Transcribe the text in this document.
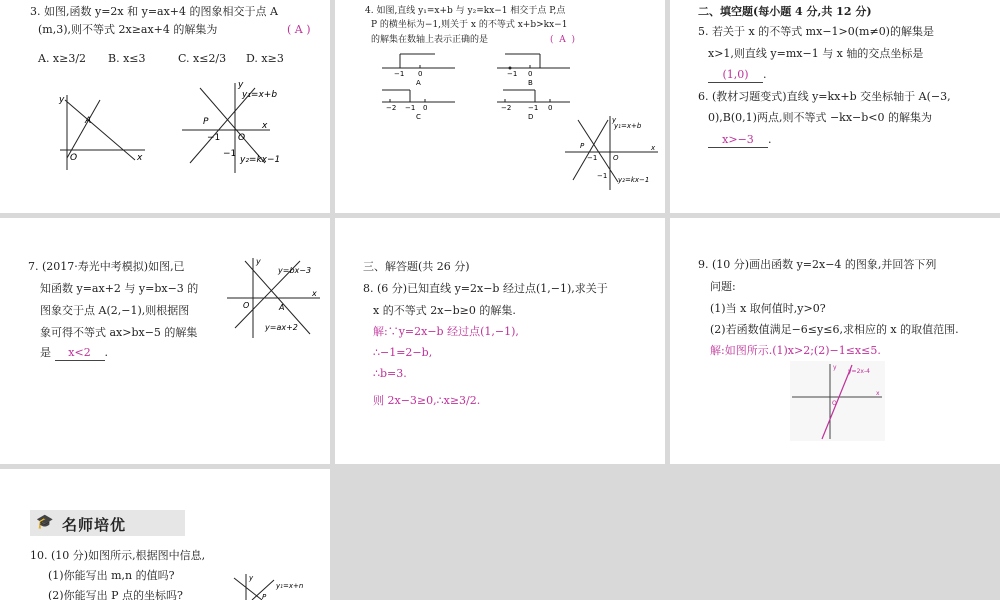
3. 如图,函数 y=2x 和 y=ax+4 的图象相交于点 A
(m,3),则不等式 2x≥ax+4 的解集为	( A )
A. x≥3/2 B. x≤3	C. x≤2/3 D. x≥3
y
x
O
A
y
x
O
P
−1
−1
y₁=x+b
y₂=kx−1
4. 如图,直线 y₁=x+b 与 y₂=kx−1 相交于点 P,点
P 的横坐标为−1,则关于 x 的不等式 x+b>kx−1
的解集在数轴上表示正确的是	(  A  )
−1 0
A
−1 0
B
−2 −1 0
C
−2 −1 0
D	y
x
O
P
−1
−1
y₁=x+b
y₂=kx−1
二、填空题(每小题 4 分,共 12 分)
5. 若关于 x 的不等式 mx−1>0(m≠0)的解集是
x>1,则直线 y=mx−1 与 x 轴的交点坐标是
(1,0) .
6. (教材习题变式)直线 y=kx+b 交坐标轴于 A(−3,
0),B(0,1)两点,则不等式 −kx−b<0 的解集为
x>−3 .
7. (2017·寿光中考模拟)如图,已
知函数 y=ax+2 与 y=bx−3 的
图象交于点 A(2,−1),则根据图
象可得不等式 ax>bx−5 的解集
是 x<2 .
y
x
O	A
y=bx−3
y=ax+2
三、解答题(共 26 分)
8. (6 分)已知直线 y=2x−b 经过点(1,−1),求关于
x 的不等式 2x−b≥0 的解集.
解:∵y=2x−b 经过点(1,−1),
∴−1=2−b,
∴b=3.
则 2x−3≥0,∴x≥3/2.
9. (10 分)画出函数 y=2x−4 的图象,并回答下列
问题:
(1)当 x 取何值时,y>0?
(2)若函数值满足−6≤y≤6,求相应的 x 的取值范围.
解:如图所示.(1)x>2;(2)−1≤x≤5.
y
x
O
y=2x-4
🎓 名师培优
10. (10 分)如图所示,根据图中信息,
(1)你能写出 m,n 的值吗?
(2)你能写出 P 点的坐标吗?
y
y₁=x+n
P
